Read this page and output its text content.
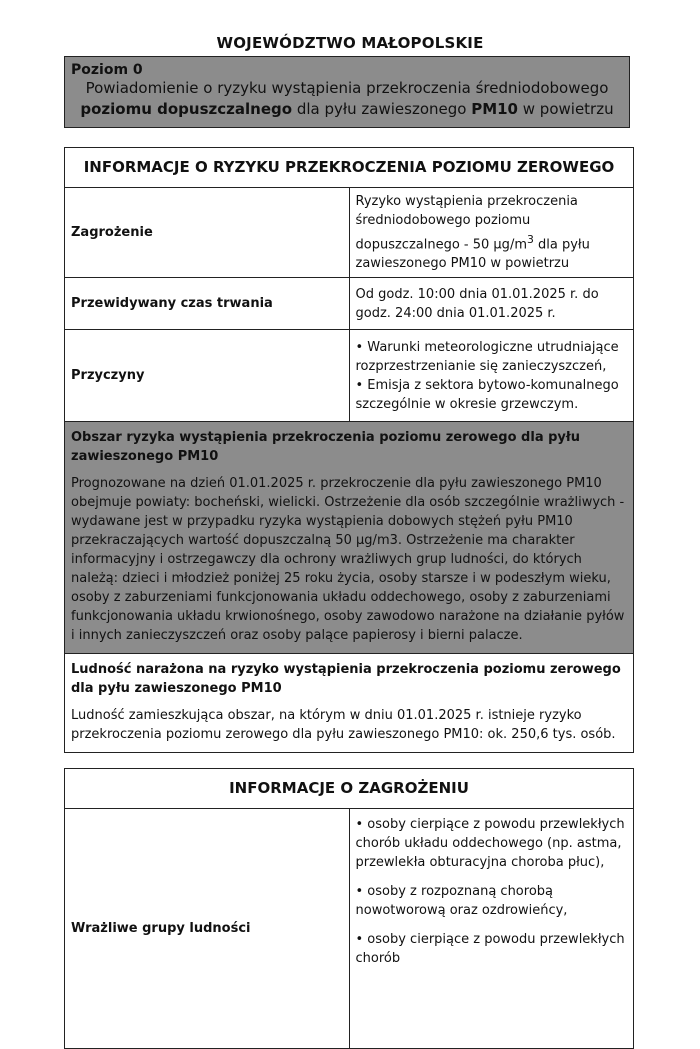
WOJEWÓDZTWO MAŁOPOLSKIE
Poziom 0
Powiadomienie o ryzyku wystąpienia przekroczenia średniodobowego poziomu dopuszczalnego dla pyłu zawieszonego PM10 w powietrzu
INFORMACJE O RYZYKU PRZEKROCZENIA POZIOMU ZEROWEGO	
Zagrożenie	Ryzyko wystąpienia przekroczenia średniodobowego poziomu dopuszczalnego - 50 $\mu g/m^3$ dla pyłu zawieszonego PM10 w powietrzu
Przewidywany czas trwania	Od godz. 10:00 dnia 01.01.2025 r. do godz. 24:00 dnia 01.01.2025 r.
Przyczyny	• Warunki meteorologiczne utrudniające rozprzestrzenianie się zanieczyszczeń,
• Emisja z sektora bytowo-komunalnego szczególnie w okresie grzewczym.

Obszar ryzyka wystąpienia przekroczenia poziomu zerowego dla pyłu zawieszonego PM10
Prognozowane na dzień 01.01.2025 r. przekroczenie dla pyłu zawieszonego PM10 obejmuje powiaty: bocheński, wielicki. Ostrzeżenie dla osób szczególnie wrażliwych - wydawane jest w przypadku ryzyka wystąpienia dobowych stężeń pyłu PM10 przekraczających wartość dopuszczalną 50 μg/m3. Ostrzeżenie ma charakter informacyjny i ostrzegawczy dla ochrony wrażliwych grup ludności, do których należą: dzieci i młodzież poniżej 25 roku życia, osoby starsze i w podeszłym wieku, osoby z zaburzeniami funkcjonowania układu oddechowego, osoby z zaburzeniami funkcjonowania układu krwionośnego, osoby zawodowo narażone na działanie pyłów i innych zanieczyszczeń oraz osoby palące papierosy i bierni palacze.	

Ludność narażona na ryzyko wystąpienia przekroczenia poziomu zerowego dla pyłu zawieszonego PM10
Ludność zamieszkująca obszar, na którym w dniu 01.01.2025 r. istnieje ryzyko przekroczenia poziomu zerowego dla pyłu zawieszonego PM10: ok. 250,6 tys. osób.	
INFORMACJE O ZAGROŻENIU
Wrażliwe grupy ludności	
• osoby cierpiące z powodu przewlekłych chorób układu oddechowego (np. astma, przewlekła obturacyjna choroba płuc),
• osoby z rozpoznaną chorobą nowotworową oraz ozdrowieńcy,
• osoby cierpiące z powodu przewlekłych chorób
